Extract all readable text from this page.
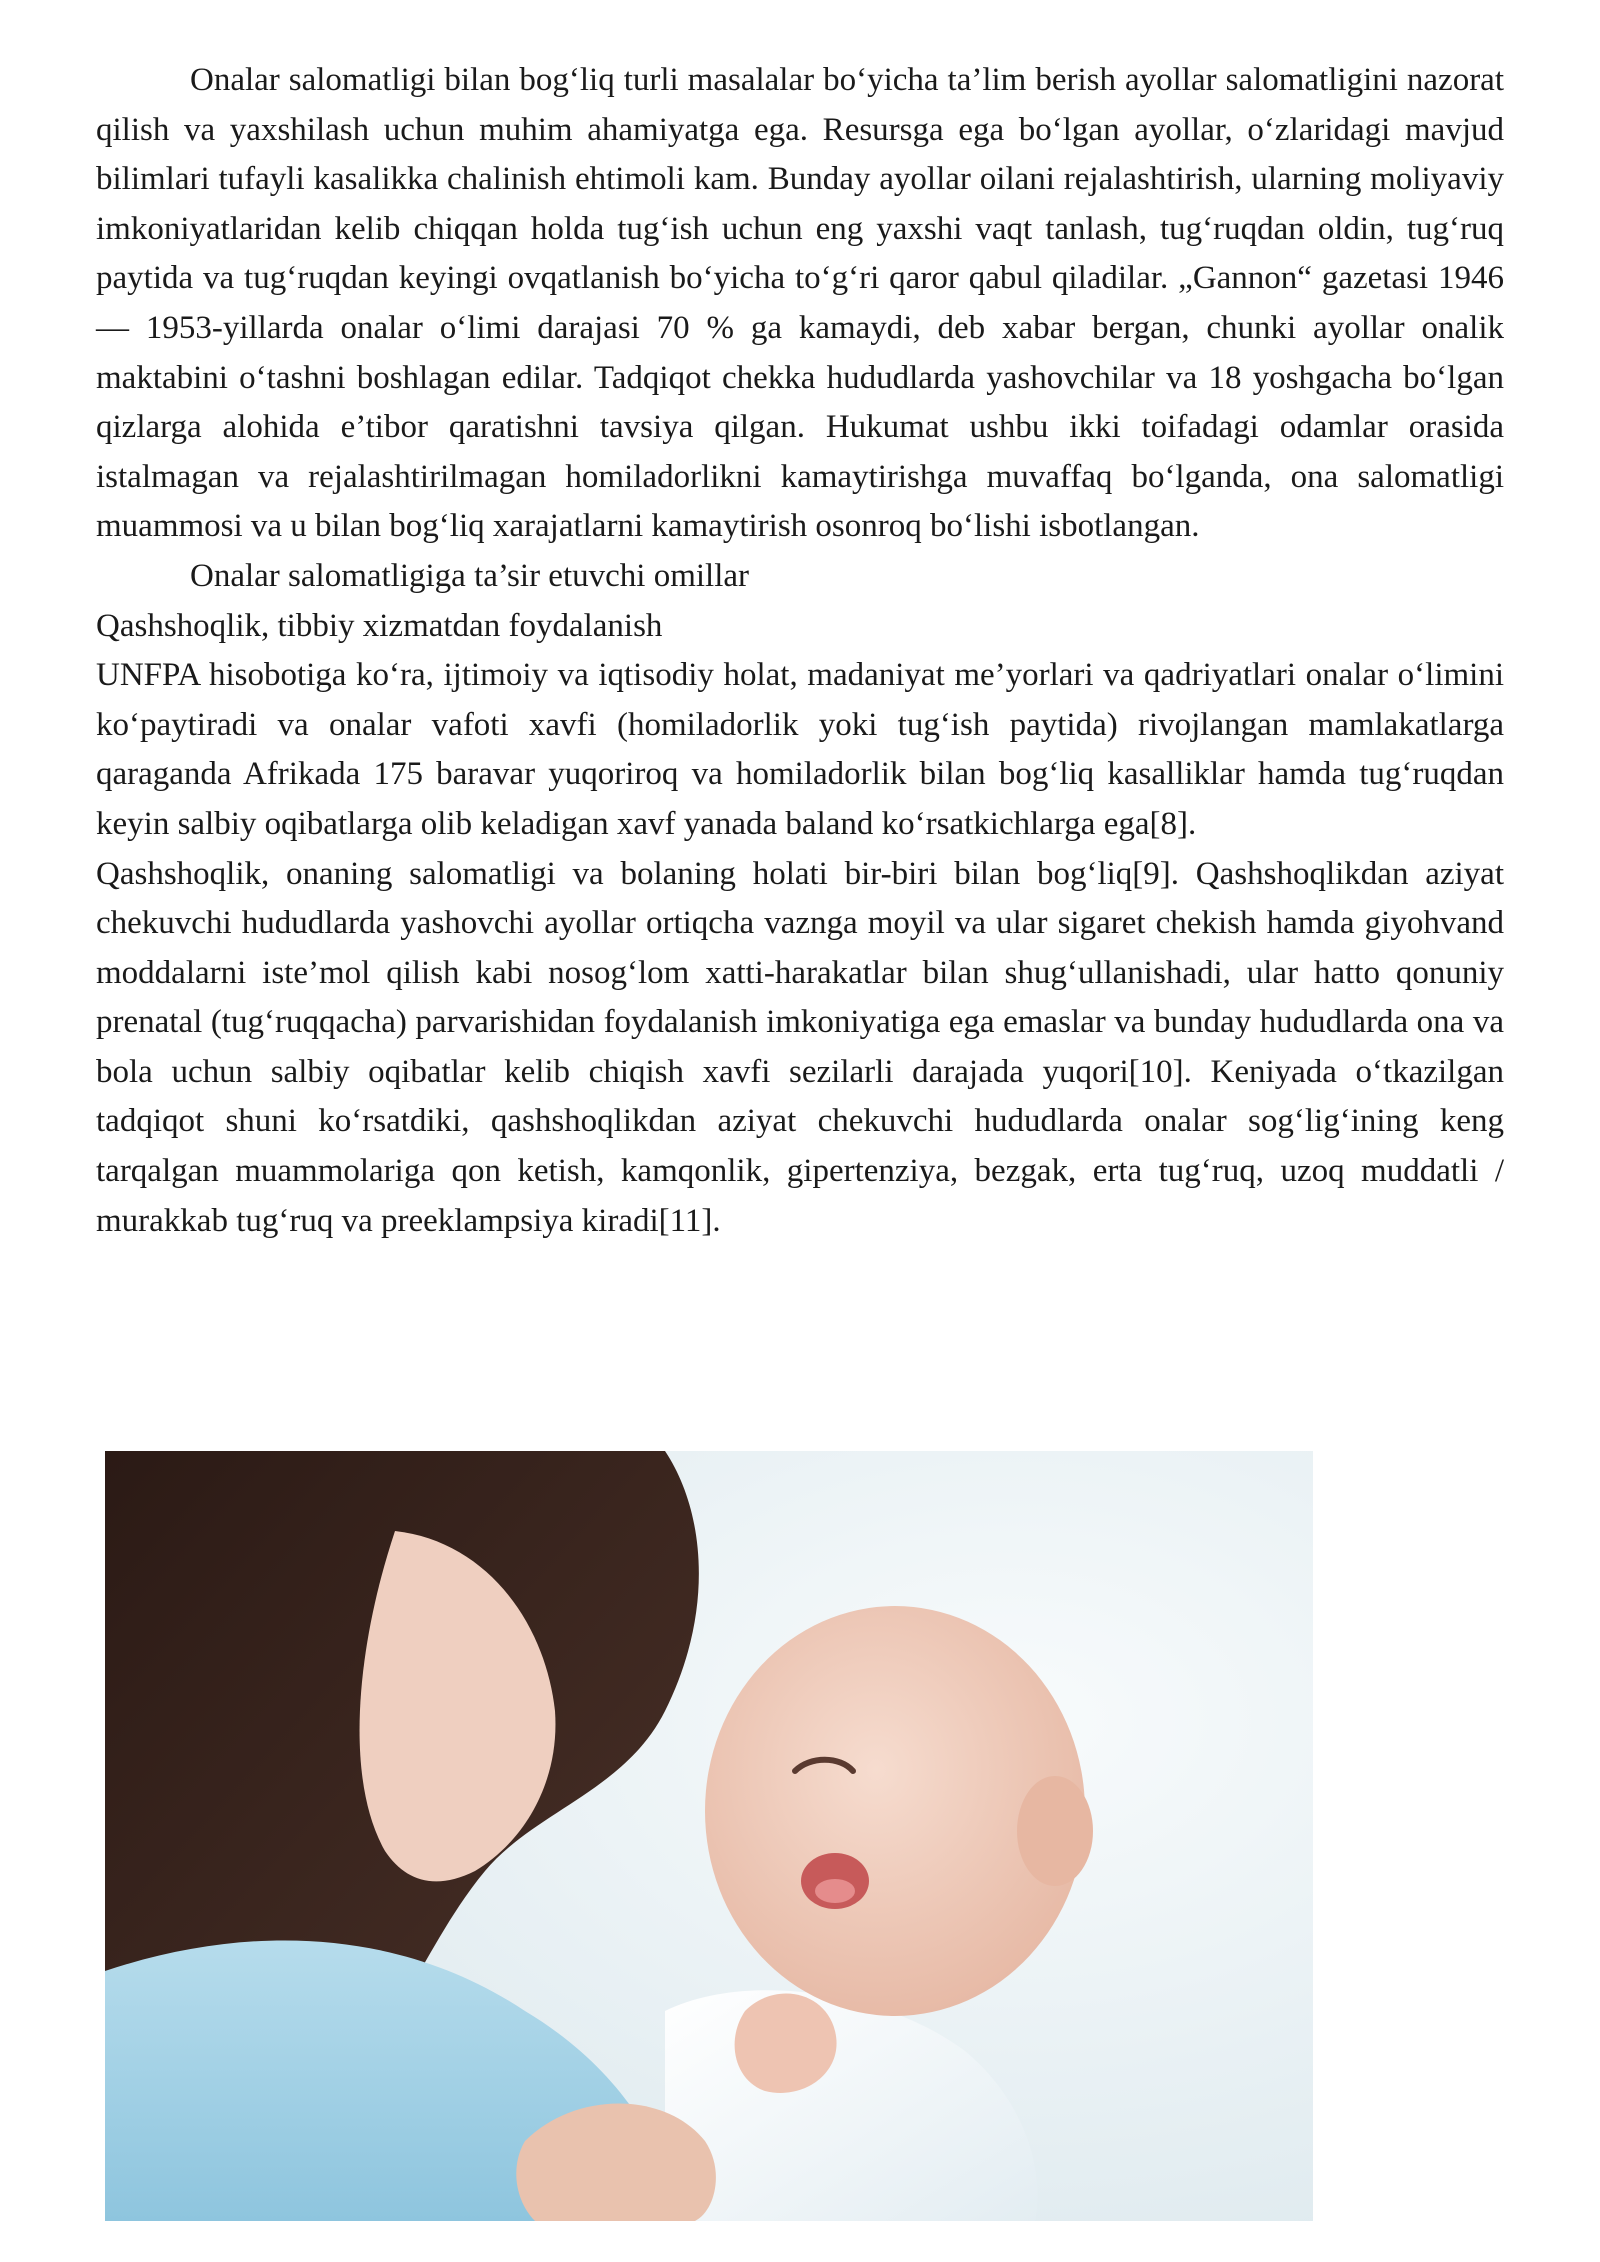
Onalar salomatligi bilan bog‘liq turli masalalar bo‘yicha ta’lim berish ayollar salomatligini nazorat qilish va yaxshilash uchun muhim ahamiyatga ega. Resursga ega bo‘lgan ayollar, o‘zlaridagi mavjud bilimlari tufayli kasalikka chalinish ehtimoli kam. Bunday ayollar oilani rejalashtirish, ularning moliyaviy imkoniyatlaridan kelib chiqqan holda tug‘ish uchun eng yaxshi vaqt tanlash, tug‘ruqdan oldin, tug‘ruq paytida va tug‘ruqdan keyingi ovqatlanish bo‘yicha to‘g‘ri qaror qabul qiladilar. „Gannon“ gazetasi 1946 — 1953-yillarda onalar o‘limi darajasi 70 % ga kamaydi, deb xabar bergan, chunki ayollar onalik maktabini o‘tashni boshlagan edilar. Tadqiqot chekka hududlarda yashovchilar va 18 yoshgacha bo‘lgan qizlarga alohida e’tibor qaratishni tavsiya qilgan. Hukumat ushbu ikki toifadagi odamlar orasida istalmagan va rejalashtirilmagan homiladorlikni kamaytirishga muvaffaq bo‘lganda, ona salomatligi muammosi va u bilan bog‘liq xarajatlarni kamaytirish osonroq bo‘lishi isbotlangan.

Onalar salomatligiga ta’sir etuvchi omillar

Qashshoqlik, tibbiy xizmatdan foydalanish

UNFPA hisobotiga ko‘ra, ijtimoiy va iqtisodiy holat, madaniyat me’yorlari va qadriyatlari onalar o‘limini ko‘paytiradi va onalar vafoti xavfi (homiladorlik yoki tug‘ish paytida) rivojlangan mamlakatlarga qaraganda Afrikada 175 baravar yuqoriroq va homiladorlik bilan bog‘liq kasalliklar hamda tug‘ruqdan keyin salbiy oqibatlarga olib keladigan xavf yanada baland ko‘rsatkichlarga ega[8].

Qashshoqlik, onaning salomatligi va bolaning holati bir-biri bilan bog‘liq[9]. Qashshoqlikdan aziyat chekuvchi hududlarda yashovchi ayollar ortiqcha vaznga moyil va ular sigaret chekish hamda giyohvand moddalarni iste’mol qilish kabi nosog‘lom xatti-harakatlar bilan shug‘ullanishadi, ular hatto qonuniy prenatal (tug‘ruqqacha) parvarishidan foydalanish imkoniyatiga ega emaslar va bunday hududlarda ona va bola uchun salbiy oqibatlar kelib chiqish xavfi sezilarli darajada yuqori[10]. Keniyada o‘tkazilgan tadqiqot shuni ko‘rsatdiki, qashshoqlikdan aziyat chekuvchi hududlarda onalar sog‘lig‘ining keng tarqalgan muammolariga qon ketish, kamqonlik, gipertenziya, bezgak, erta tug‘ruq, uzoq muddatli / murakkab tug‘ruq va preeklampsiya kiradi[11].
